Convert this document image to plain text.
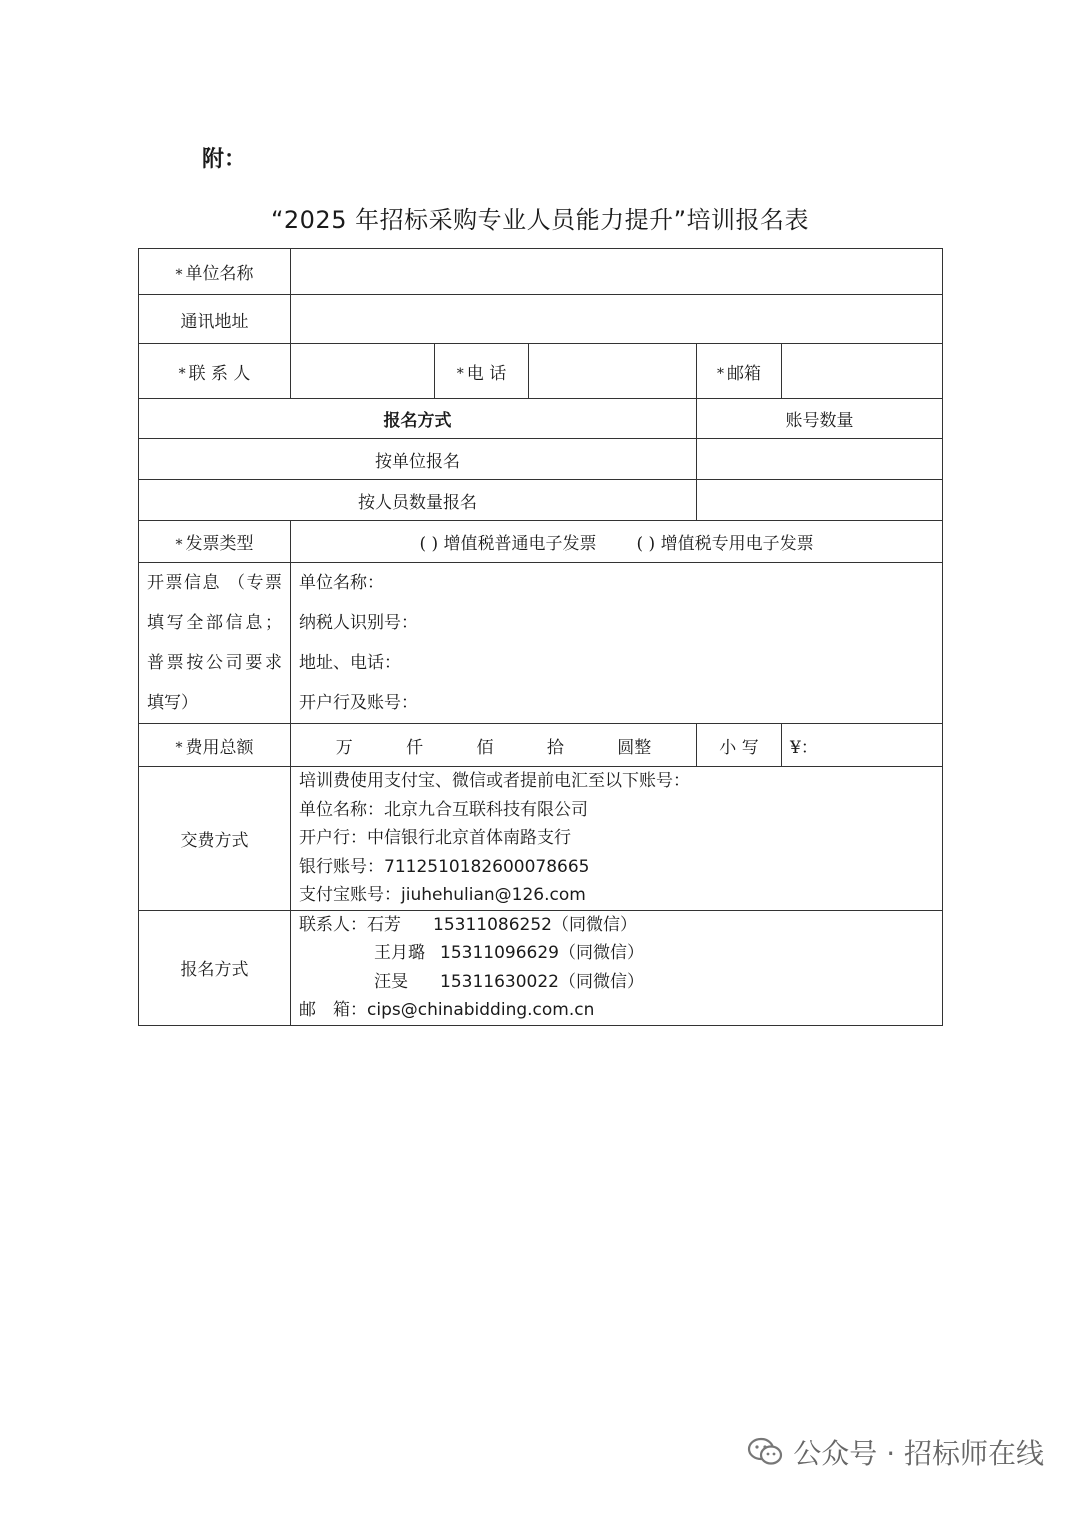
附：
“2025 年招标采购专业人员能力提升”培训报名表
* 单位名称					
通讯地址					
* 联 系 人		* 电 话		* 邮箱	
报名方式				账号数量	
按单位报名					
按人员数量报名					
* 发票类型	( ) 增值税普通电子发票 ( ) 增值税专用电子发票				

开票信息 （专票填写全部信息；普票按公司要求填写）	单位名称：
纳税人识别号：
地址、电话：
开户行及账号：				

* 费用总额	万 仟 佰 拾 圆整			小 写	¥：
交费方式	培训费使用支付宝、微信或者提前电汇至以下账号：
单位名称：北京九合互联科技有限公司
开户行：中信银行北京首体南路支行
银行账号：7112510182600078665
支付宝账号：jiuhehulian@126.com				

报名方式	联系人：石芳 15311086252（同微信）
王月璐 15311096629（同微信）
汪旻 15311630022（同微信）
邮　箱：cips@chinabidding.com.cn				
公众号 · 招标师在线
